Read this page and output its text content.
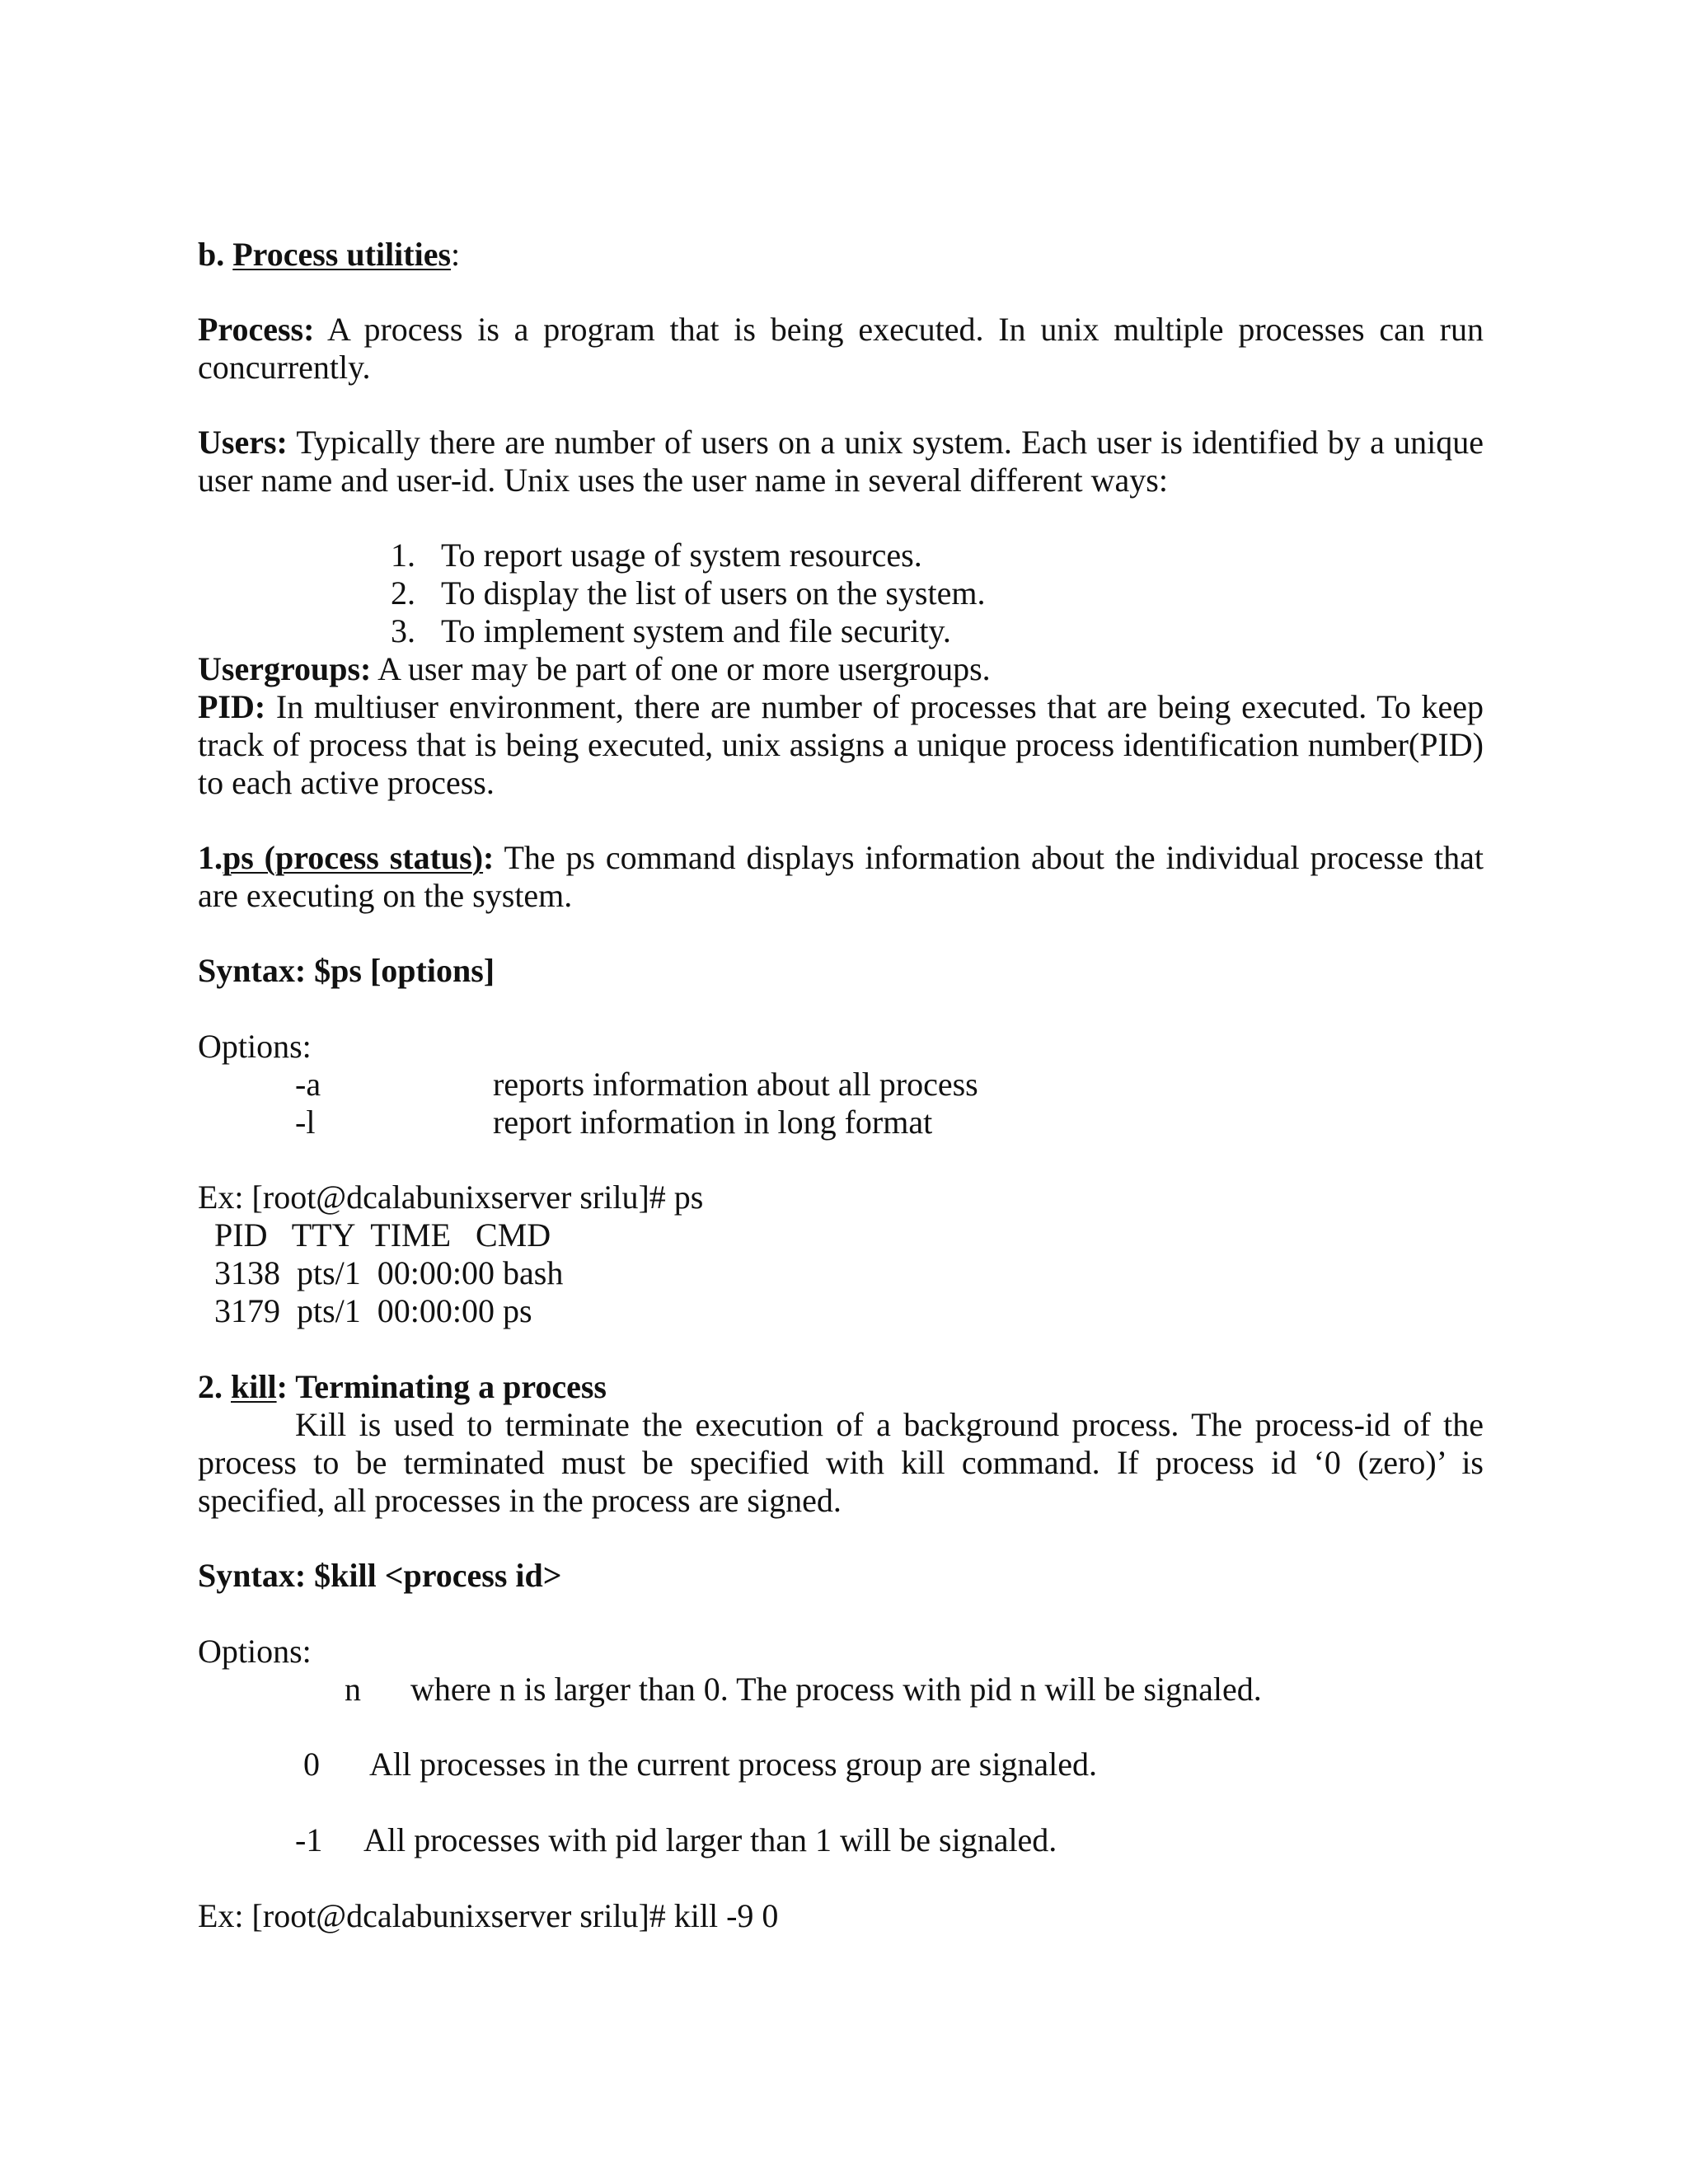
b. Process utilities:
Process: A process is a program that is being executed. In unix multiple processes can run concurrently.
Users: Typically there are number of users on a unix system. Each user is identified by a unique user name and user-id. Unix uses the user name in several different ways:
1. To report usage of system resources.
2. To display the list of users on the system.
3. To implement system and file security.
Usergroups: A user may be part of one or more usergroups.
PID: In multiuser environment, there are number of processes that are being executed. To keep track of process that is being executed, unix assigns a unique process identification number(PID) to each active process.
1.ps (process status): The ps command displays information about the individual processe that are executing on the system.
Syntax: $ps [options]
Options:
-a	reports information about all process
-l	report information in long format
Ex: [root@dcalabunixserver srilu]# ps
PID   TTY  TIME   CMD
3138  pts/1  00:00:00 bash
3179  pts/1  00:00:00 ps
2. kill: Terminating a process
Kill is used to terminate the execution of a background process. The process-id of the process to be terminated must be specified with kill command. If process id ‘0 (zero)’ is specified, all processes in the process are signed.
Syntax: $kill <process id>
Options:
n where n is larger than 0. The process with pid n will be signaled.
0 All processes in the current process group are signaled.
-1 All processes with pid larger than 1 will be signaled.
Ex: [root@dcalabunixserver srilu]# kill -9 0
